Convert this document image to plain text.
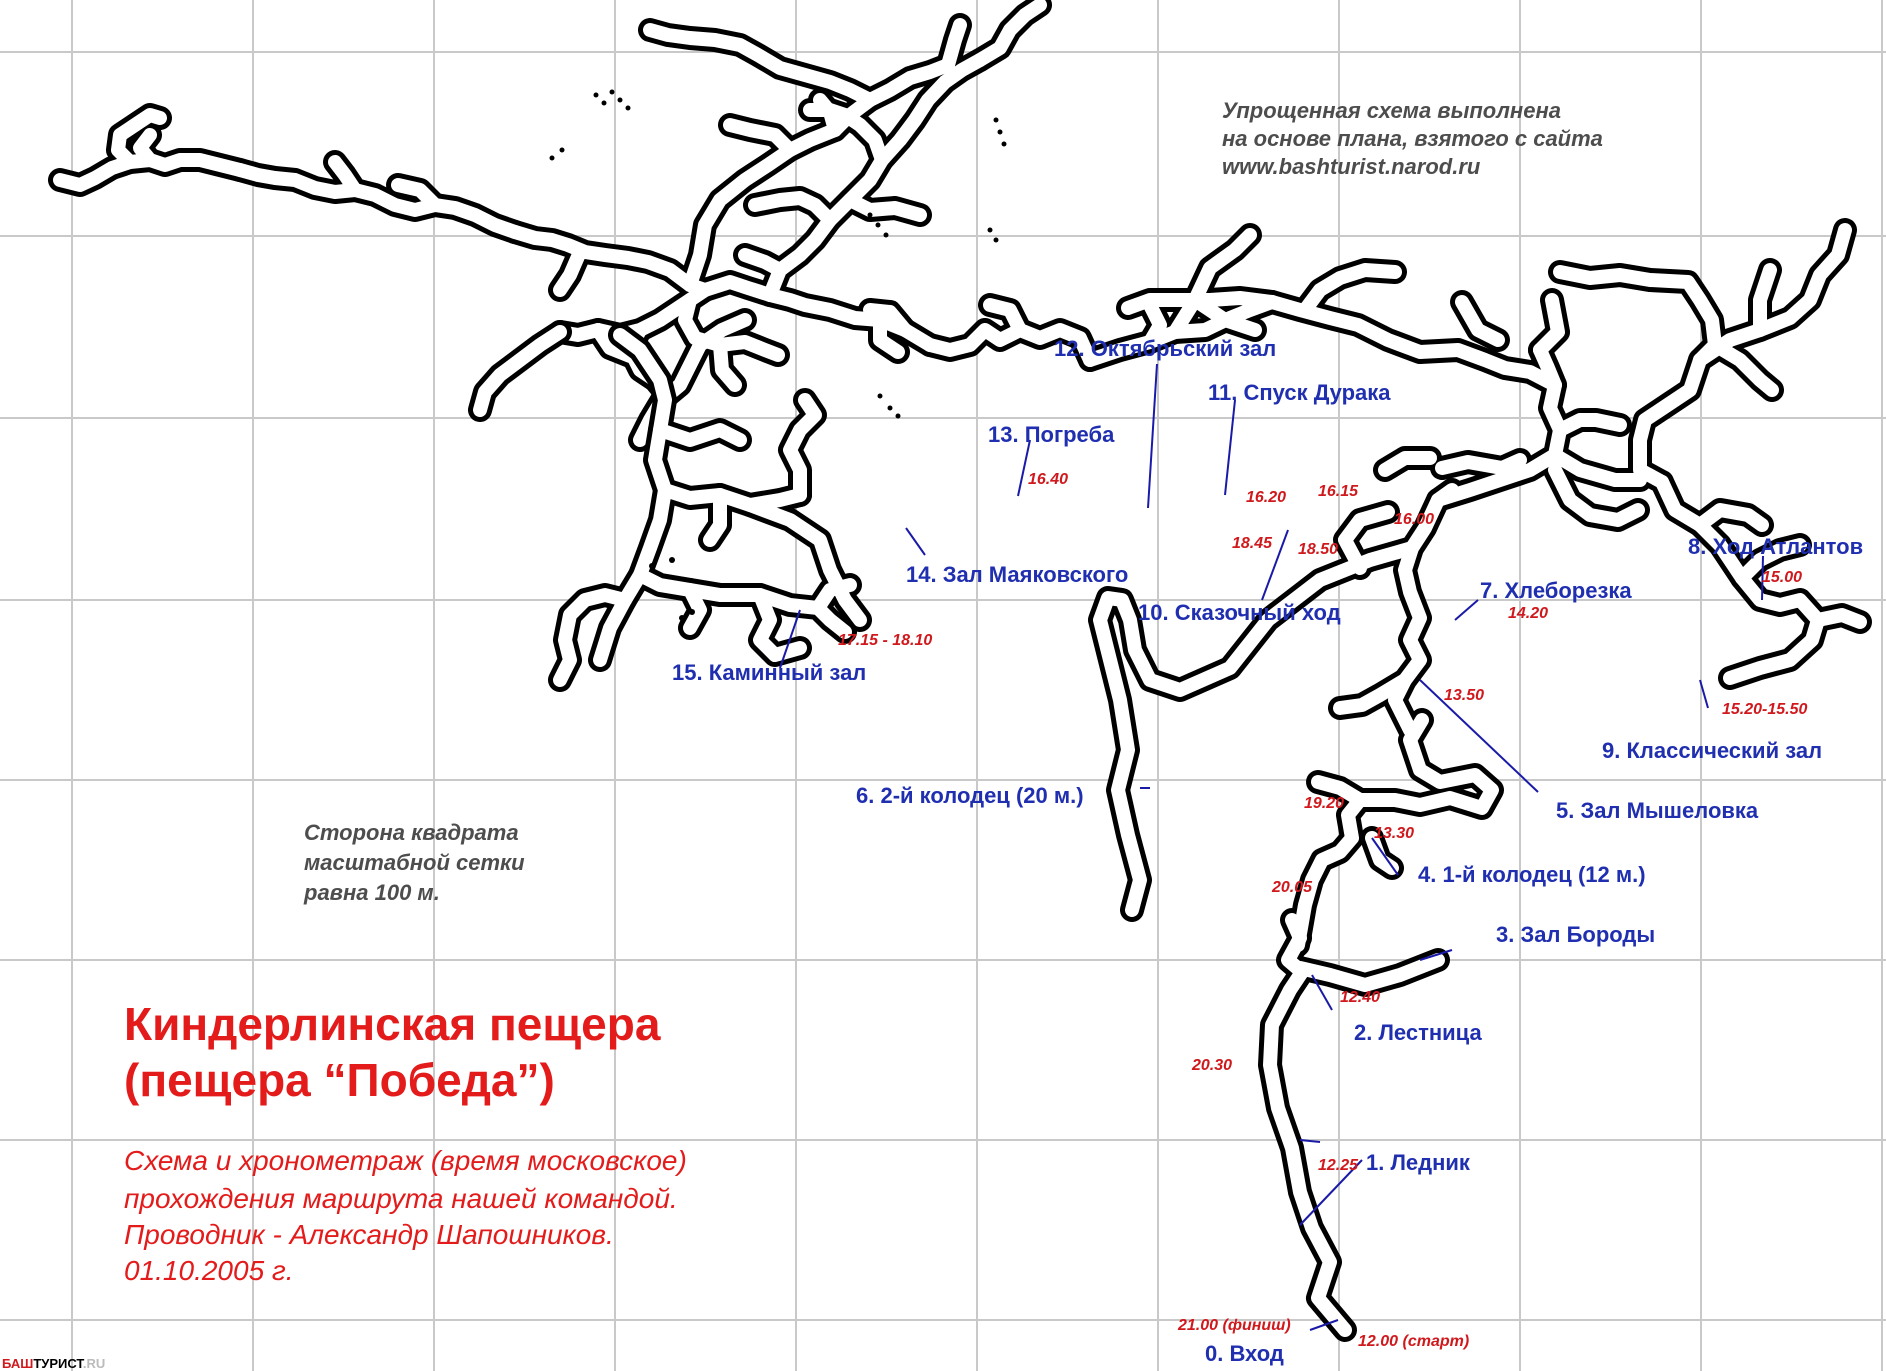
0. Вход
1. Ледник
2. Лестница
3. Зал Бороды
4. 1-й колодец (12 м.)
5. Зал Мышеловка
6. 2-й колодец (20 м.)
7. Хлеборезка
8. Ход Атлантов
9. Классический зал
10. Сказочный ход
11. Спуск Дурака
12. Октябрьский зал
13. Погреба
14. Зал Маяковского
15. Каминный зал
21.00 (финиш)
12.00 (старт)
12.25
20.30
12.40
20.05
13.30
19.20
13.50
14.20
15.00
15.20-15.50
16.00
16.15
16.20
18.45 18.50
16.40
17.15 - 18.10
Упрощенная схема выполнена
на основе плана, взятого с сайта
www.bashturist.narod.ru
Сторона квадрата
масштабной сетки
равна 100 м.
Киндерлинская пещера
(пещера “Победа”)
Схема и хронометраж (время московское)
прохождения маршрута нашей командой.
Проводник - Александр Шапошников.
01.10.2005 г.
БАШТУРИСТ.RU
